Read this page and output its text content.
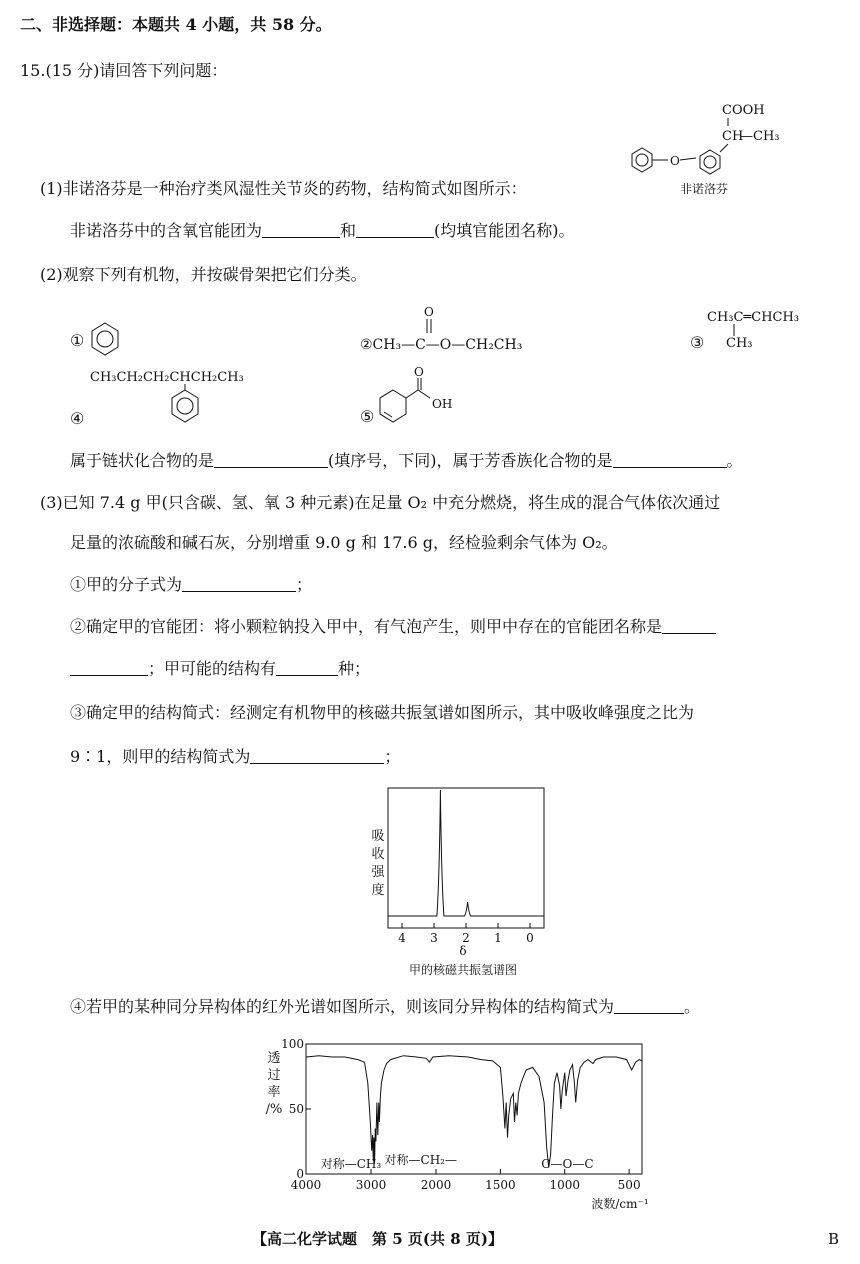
二、非选择题：本题共 4 小题，共 58 分。
15.(15 分)请回答下列问题：
COOH
CH
—CH₃
O
非诺洛芬
(1)非诺洛芬是一种治疗类风湿性关节炎的药物，结构简式如图所示：
非诺洛芬中的含氧官能团为	和	(均填官能团名称)。
(2)观察下列有机物，并按碳骨架把它们分类。
①
O
②CH₃—C—O—CH₂CH₃
CH₃C═CHCH₃
③ CH₃
CH₃CH₂CH₂CHCH₂CH₃
④	⑤
O
OH
属于链状化合物的是	(填序号，下同)，属于芳香族化合物的是	。
(3)已知 7.4 g 甲(只含碳、氢、氧 3 种元素)在足量 O₂ 中充分燃烧，将生成的混合气体依次通过
足量的浓硫酸和碱石灰，分别增重 9.0 g 和 17.6 g，经检验剩余气体为 O₂。
①甲的分子式为	；
②确定甲的官能团：将小颗粒钠投入甲中，有气泡产生，则甲中存在的官能团名称是
；甲可能的结构有	种；
③确定甲的结构简式：经测定有机物甲的核磁共振氢谱如图所示，其中吸收峰强度之比为
9∶1，则甲的结构简式为	；
吸
收
强
度
4 3 2 1 0
δ
甲的核磁共振氢谱图
④若甲的某种同分异构体的红外光谱如图所示，则该同分异构体的结构简式为	。
透
过
率
/%
100
50
0
4000	3000	2000	1500	1000	500
对称—CH₃ 对称—CH₂—	C—O—C
波数/cm⁻¹
【高二化学试题　第 5 页(共 8 页)】	B
